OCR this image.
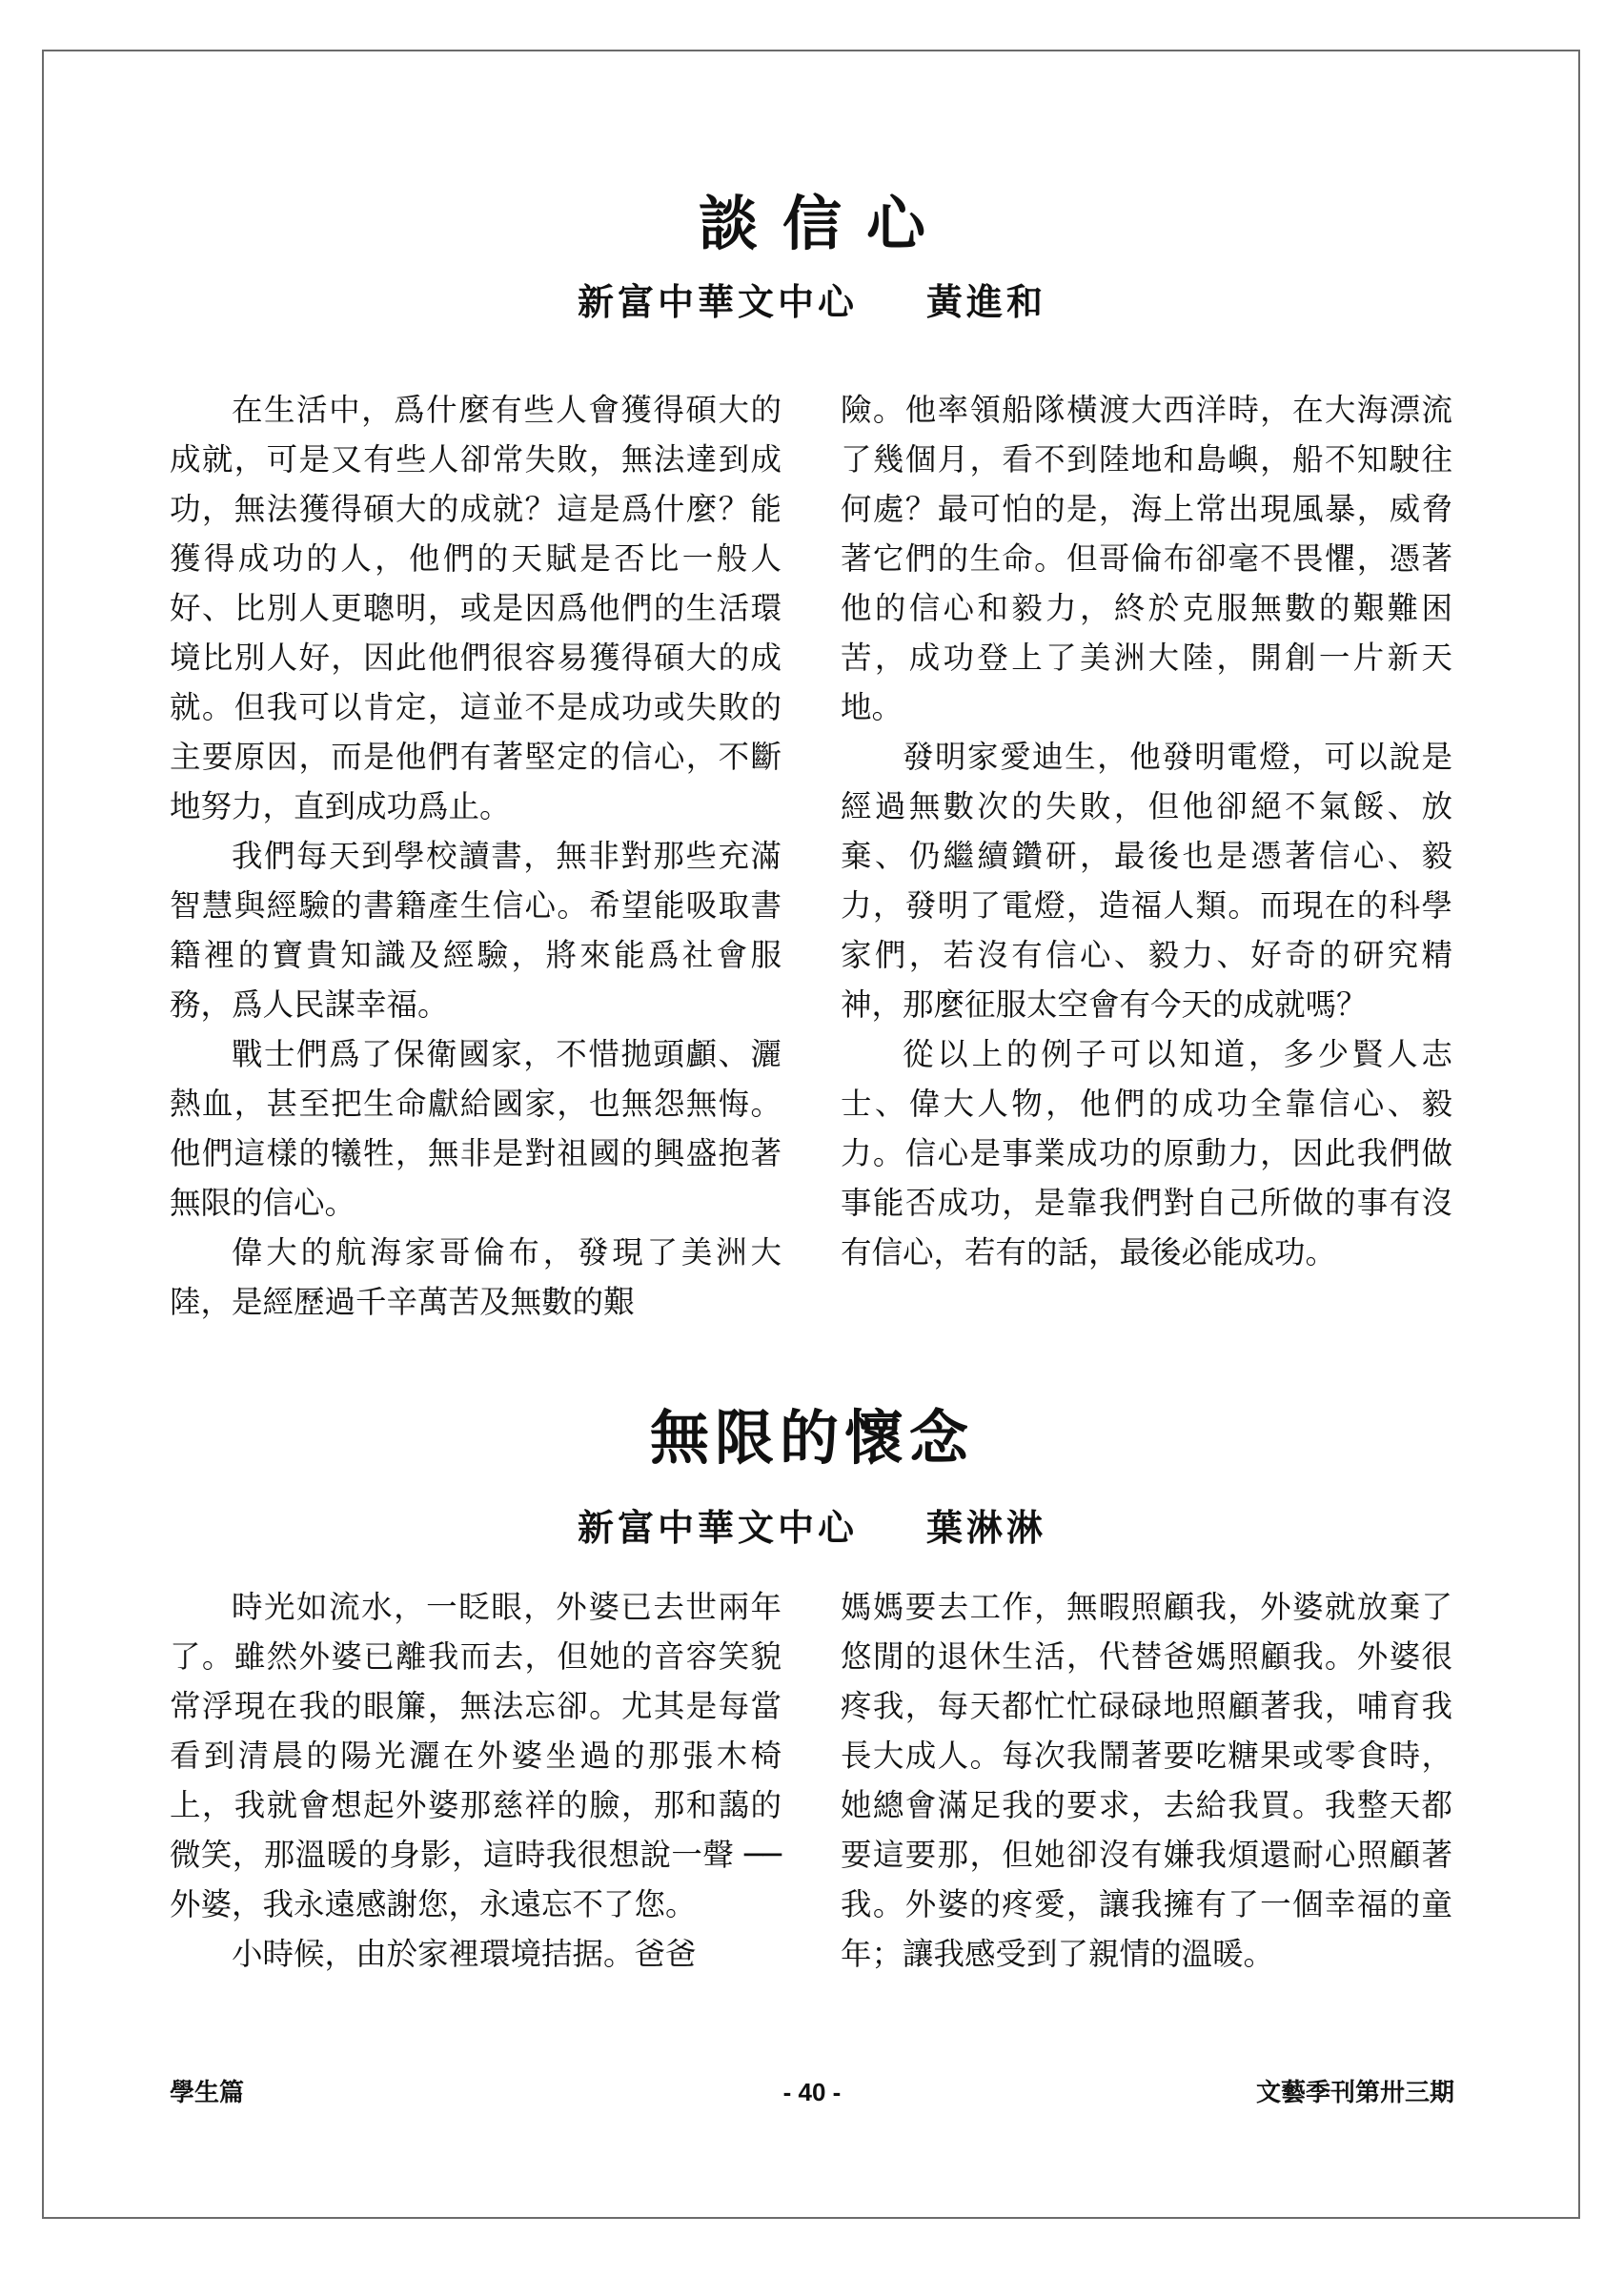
談信心
新富中華文中心 黃進和

在生活中，爲什麼有些人會獲得碩大的成就，可是又有些人卻常失敗，無法達到成功，無法獲得碩大的成就？這是爲什麼？能獲得成功的人，他們的天賦是否比一般人好、比別人更聰明，或是因爲他們的生活環境比別人好，因此他們很容易獲得碩大的成就。但我可以肯定，這並不是成功或失敗的主要原因，而是他們有著堅定的信心，不斷地努力，直到成功爲止。

我們每天到學校讀書，無非對那些充滿智慧與經驗的書籍產生信心。希望能吸取書籍裡的寶貴知識及經驗，將來能爲社會服務，爲人民謀幸福。

戰士們爲了保衛國家，不惜拋頭顱、灑熱血，甚至把生命獻給國家，也無怨無悔。他們這樣的犧牲，無非是對祖國的興盛抱著無限的信心。

偉大的航海家哥倫布，發現了美洲大陸，是經歷過千辛萬苦及無數的艱

險。他率領船隊橫渡大西洋時，在大海漂流了幾個月，看不到陸地和島嶼，船不知駛往何處？最可怕的是，海上常出現風暴，威脅著它們的生命。但哥倫布卻毫不畏懼，憑著他的信心和毅力，終於克服無數的艱難困苦，成功登上了美洲大陸，開創一片新天地。

發明家愛迪生，他發明電燈，可以說是經過無數次的失敗，但他卻絕不氣餒、放棄、仍繼續鑽研，最後也是憑著信心、毅力，發明了電燈，造福人類。而現在的科學家們，若沒有信心、毅力、好奇的研究精神，那麼征服太空會有今天的成就嗎？

從以上的例子可以知道，多少賢人志士、偉大人物，他們的成功全靠信心、毅力。信心是事業成功的原動力，因此我們做事能否成功，是靠我們對自己所做的事有沒有信心，若有的話，最後必能成功。

無限的懷念
新富中華文中心 葉淋淋

時光如流水，一眨眼，外婆已去世兩年了。雖然外婆已離我而去，但她的音容笑貌常浮現在我的眼簾，無法忘卻。尤其是每當看到清晨的陽光灑在外婆坐過的那張木椅上，我就會想起外婆那慈祥的臉，那和藹的微笑，那溫暖的身影，這時我很想說一聲 ── 外婆，我永遠感謝您，永遠忘不了您。

小時候，由於家裡環境拮据。爸爸

媽媽要去工作，無暇照顧我，外婆就放棄了悠閒的退休生活，代替爸媽照顧我。外婆很疼我，每天都忙忙碌碌地照顧著我，哺育我長大成人。每次我鬧著要吃糖果或零食時，她總會滿足我的要求，去給我買。我整天都要這要那，但她卻沒有嫌我煩還耐心照顧著我。外婆的疼愛，讓我擁有了一個幸福的童年；讓我感受到了親情的溫暖。

學生篇	- 40 -	文藝季刊第卅三期
